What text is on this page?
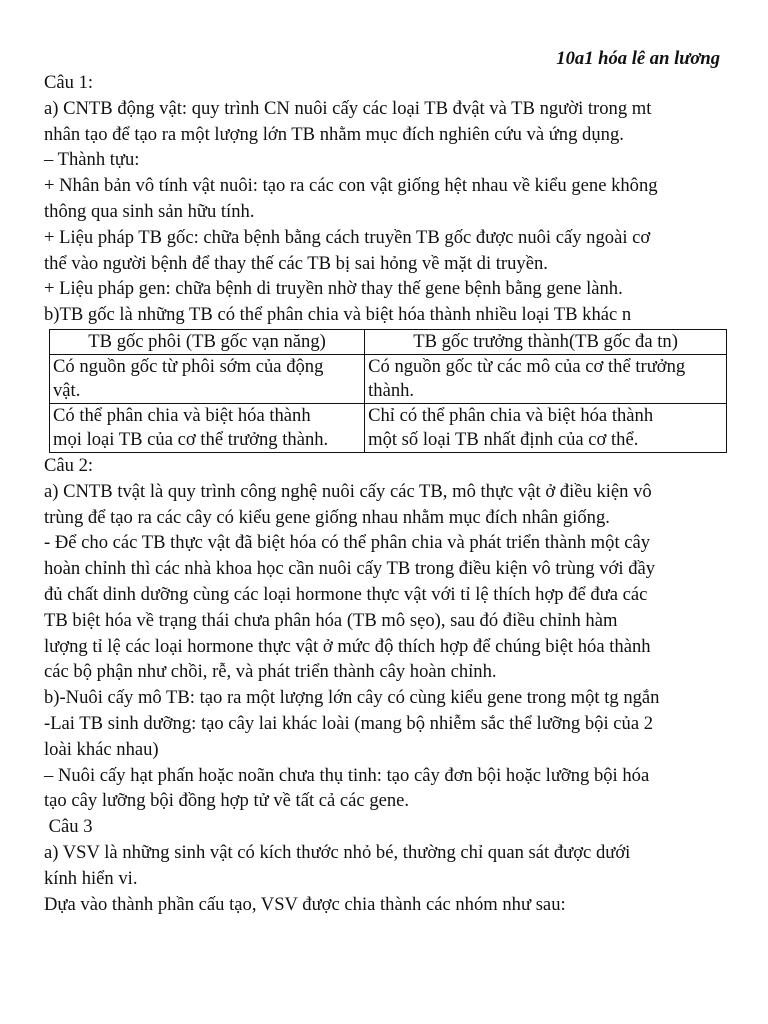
10a1 hóa lê an lương

Câu 1:

a) CNTB động vật: quy trình CN nuôi cấy các loại TB đvật và TB người trong mt

nhân tạo để tạo ra một lượng lớn TB nhằm mục đích nghiên cứu và ứng dụng.

– Thành tựu:

+ Nhân bản vô tính vật nuôi: tạo ra các con vật giống hệt nhau về kiểu gene không

thông qua sinh sản hữu tính.

+ Liệu pháp TB gốc: chữa bệnh bằng cách truyền TB gốc được nuôi cấy ngoài cơ

thể vào người bệnh để thay thế các TB bị sai hỏng về mặt di truyền.

+ Liệu pháp gen: chữa bệnh di truyền nhờ thay thế gene bệnh bằng gene lành.

b)TB gốc là những TB có thể phân chia và biệt hóa thành nhiều loại TB khác n

TB gốc phôi (TB gốc vạn năng)	TB gốc trưởng thành(TB gốc đa tn)

Có nguồn gốc từ phôi sớm của động
vật.	Có nguồn gốc từ các mô của cơ thể trưởng
thành.

Có thể phân chia và biệt hóa thành
mọi loại TB của cơ thể trưởng thành.	Chỉ có thể phân chia và biệt hóa thành
một số loại TB nhất định của cơ thể.

Câu 2:

a) CNTB tvật là quy trình công nghệ nuôi cấy các TB, mô thực vật ở điều kiện vô

trùng để tạo ra các cây có kiểu gene giống nhau nhằm mục đích nhân giống.

- Để cho các TB thực vật đã biệt hóa có thể phân chia và phát triển thành một cây

hoàn chỉnh thì các nhà khoa học cần nuôi cấy TB trong điều kiện vô trùng với đầy

đủ chất dinh dưỡng cùng các loại hormone thực vật với tỉ lệ thích hợp để đưa các

TB biệt hóa về trạng thái chưa phân hóa (TB mô sẹo), sau đó điều chỉnh hàm

lượng tỉ lệ các loại hormone thực vật ở mức độ thích hợp để chúng biệt hóa thành

các bộ phận như chồi, rễ, và phát triển thành cây hoàn chỉnh.

b)-Nuôi cấy mô TB: tạo ra một lượng lớn cây có cùng kiểu gene trong một tg ngắn

-Lai TB sinh dưỡng: tạo cây lai khác loài (mang bộ nhiễm sắc thể lưỡng bội của 2

loài khác nhau)

– Nuôi cấy hạt phấn hoặc noãn chưa thụ tinh: tạo cây đơn bội hoặc lưỡng bội hóa

tạo cây lưỡng bội đồng hợp tử về tất cả các gene.

Câu 3

a) VSV là những sinh vật có kích thước nhỏ bé, thường chỉ quan sát được dưới

kính hiển vi.

Dựa vào thành phần cấu tạo, VSV được chia thành các nhóm như sau:
